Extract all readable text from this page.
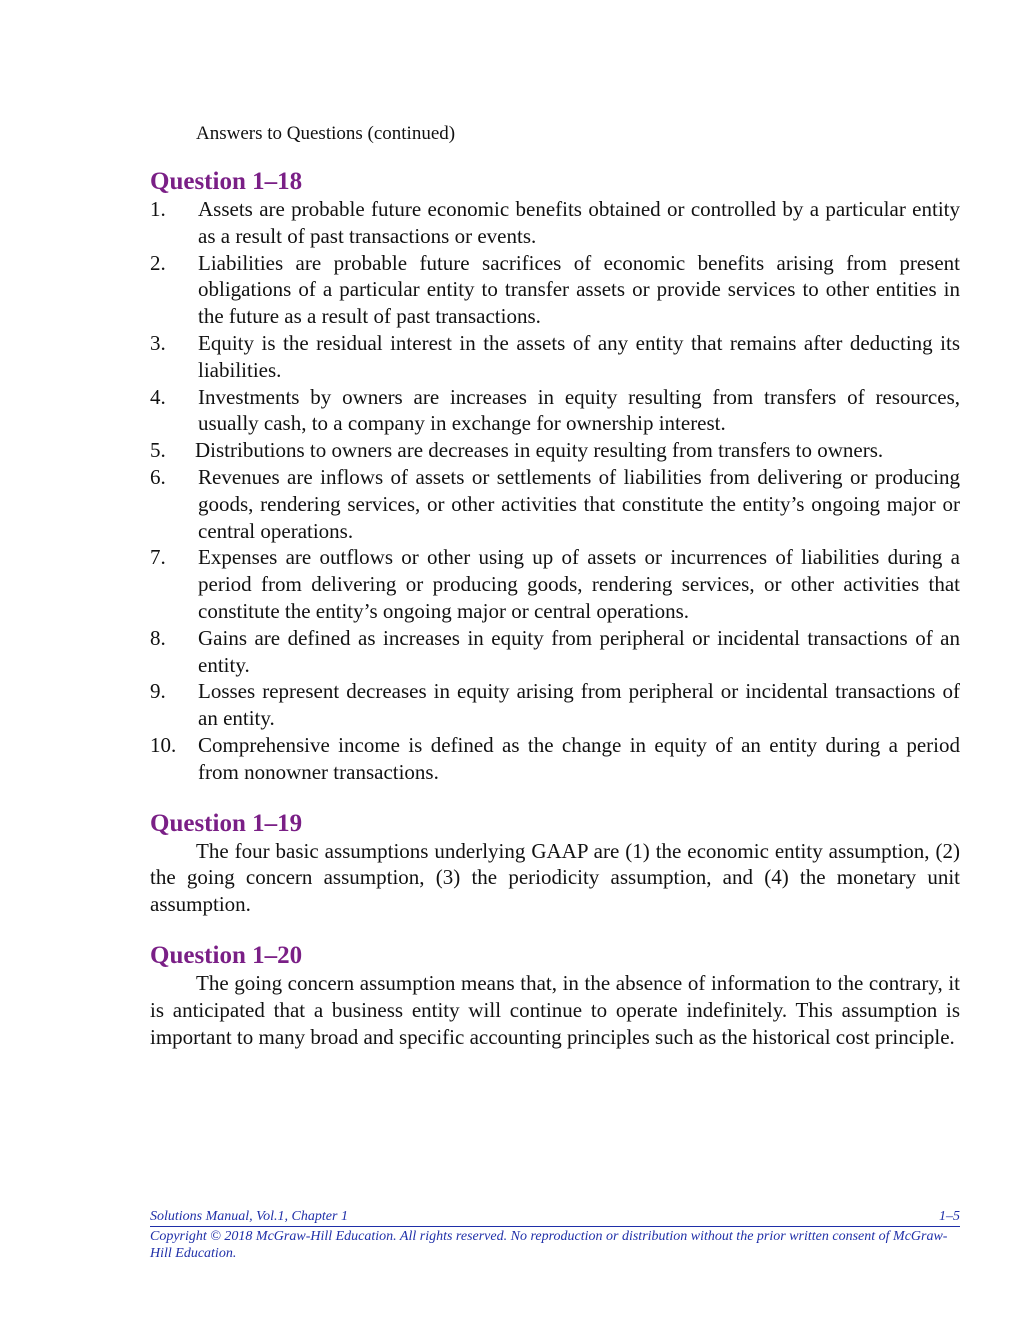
Answers to Questions (continued)
Question 1–18
1. Assets are probable future economic benefits obtained or controlled by a particular entity as a result of past transactions or events.
2. Liabilities are probable future sacrifices of economic benefits arising from present obligations of a particular entity to transfer assets or provide services to other entities in the future as a result of past transactions.
3. Equity is the residual interest in the assets of any entity that remains after deducting its liabilities.
4. Investments by owners are increases in equity resulting from transfers of resources, usually cash, to a company in exchange for ownership interest.
5. Distributions to owners are decreases in equity resulting from transfers to owners.
6. Revenues are inflows of assets or settlements of liabilities from delivering or producing goods, rendering services, or other activities that constitute the entity’s ongoing major or central operations.
7. Expenses are outflows or other using up of assets or incurrences of liabilities during a period from delivering or producing goods, rendering services, or other activities that constitute the entity’s ongoing major or central operations.
8. Gains are defined as increases in equity from peripheral or incidental transactions of an entity.
9. Losses represent decreases in equity arising from peripheral or incidental transactions of an entity.
10. Comprehensive income is defined as the change in equity of an entity during a period from nonowner transactions.
Question 1–19

The four basic assumptions underlying GAAP are (1) the economic entity assumption, (2) the going concern assumption, (3) the periodicity assumption, and (4) the monetary unit assumption.

Question 1–20

The going concern assumption means that, in the absence of information to the contrary, it is anticipated that a business entity will continue to operate indefinitely. This assumption is important to many broad and specific accounting principles such as the historical cost principle.

Solutions Manual, Vol.1, Chapter 1	1–5
Copyright © 2018 McGraw-Hill Education. All rights reserved. No reproduction or distribution without the prior written consent of McGraw-Hill Education.
